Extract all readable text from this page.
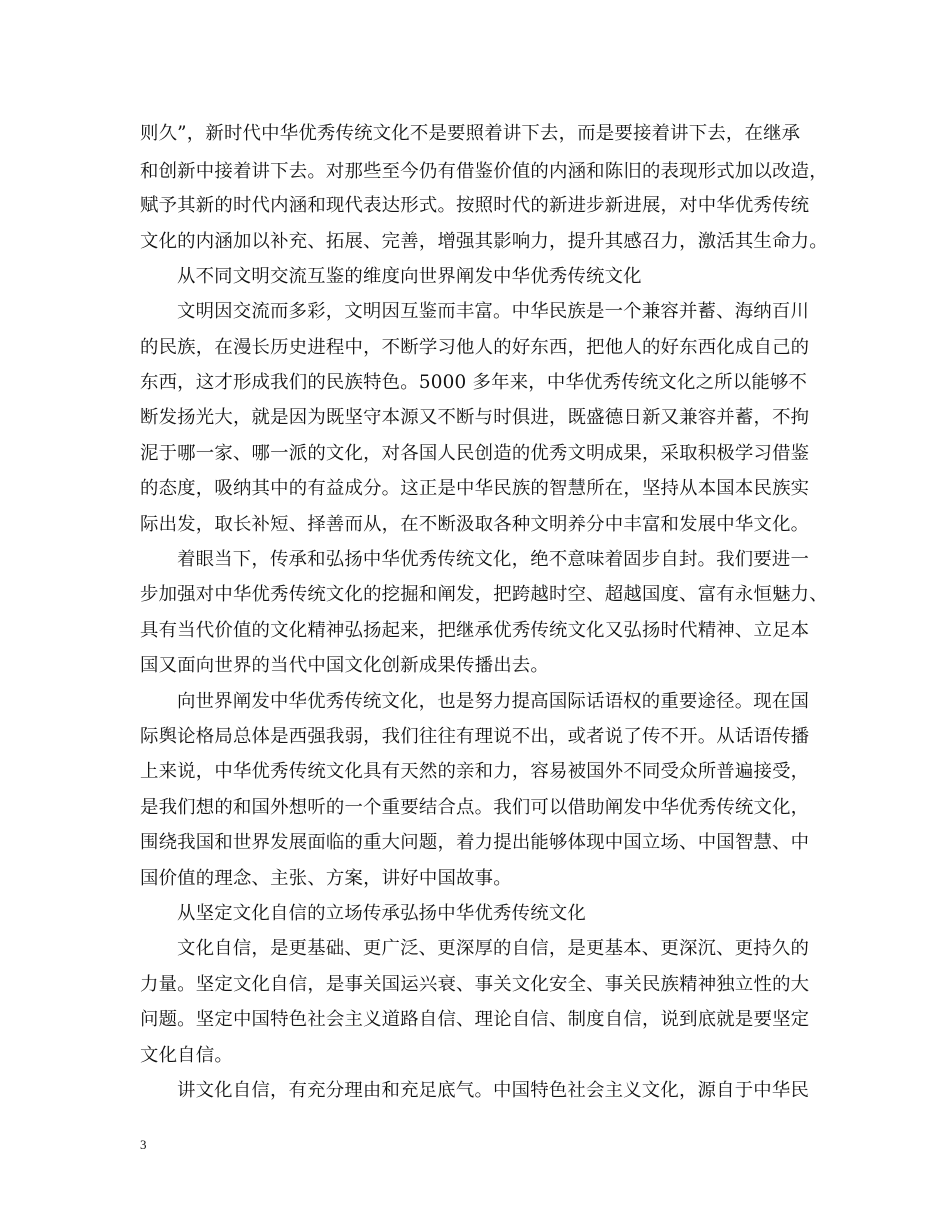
则久”，新时代中华优秀传统文化不是要照着讲下去，而是要接着讲下去，在继承
和创新中接着讲下去。对那些至今仍有借鉴价值的内涵和陈旧的表现形式加以改造，
赋予其新的时代内涵和现代表达形式。按照时代的新进步新进展，对中华优秀传统
文化的内涵加以补充、拓展、完善，增强其影响力，提升其感召力，激活其生命力。
从不同文明交流互鉴的维度向世界阐发中华优秀传统文化
文明因交流而多彩，文明因互鉴而丰富。中华民族是一个兼容并蓄、海纳百川
的民族，在漫长历史进程中，不断学习他人的好东西，把他人的好东西化成自己的
东西，这才形成我们的民族特色。5000 多年来，中华优秀传统文化之所以能够不
断发扬光大，就是因为既坚守本源又不断与时俱进，既盛德日新又兼容并蓄，不拘
泥于哪一家、哪一派的文化，对各国人民创造的优秀文明成果，采取积极学习借鉴
的态度，吸纳其中的有益成分。这正是中华民族的智慧所在，坚持从本国本民族实
际出发，取长补短、择善而从，在不断汲取各种文明养分中丰富和发展中华文化。
着眼当下，传承和弘扬中华优秀传统文化，绝不意味着固步自封。我们要进一
步加强对中华优秀传统文化的挖掘和阐发，把跨越时空、超越国度、富有永恒魅力、
具有当代价值的文化精神弘扬起来，把继承优秀传统文化又弘扬时代精神、立足本
国又面向世界的当代中国文化创新成果传播出去。
向世界阐发中华优秀传统文化，也是努力提高国际话语权的重要途径。现在国
际舆论格局总体是西强我弱，我们往往有理说不出，或者说了传不开。从话语传播
上来说，中华优秀传统文化具有天然的亲和力，容易被国外不同受众所普遍接受，
是我们想的和国外想听的一个重要结合点。我们可以借助阐发中华优秀传统文化，
围绕我国和世界发展面临的重大问题，着力提出能够体现中国立场、中国智慧、中
国价值的理念、主张、方案，讲好中国故事。
从坚定文化自信的立场传承弘扬中华优秀传统文化
文化自信，是更基础、更广泛、更深厚的自信，是更基本、更深沉、更持久的
力量。坚定文化自信，是事关国运兴衰、事关文化安全、事关民族精神独立性的大
问题。坚定中国特色社会主义道路自信、理论自信、制度自信，说到底就是要坚定
文化自信。
讲文化自信，有充分理由和充足底气。中国特色社会主义文化，源自于中华民
3
